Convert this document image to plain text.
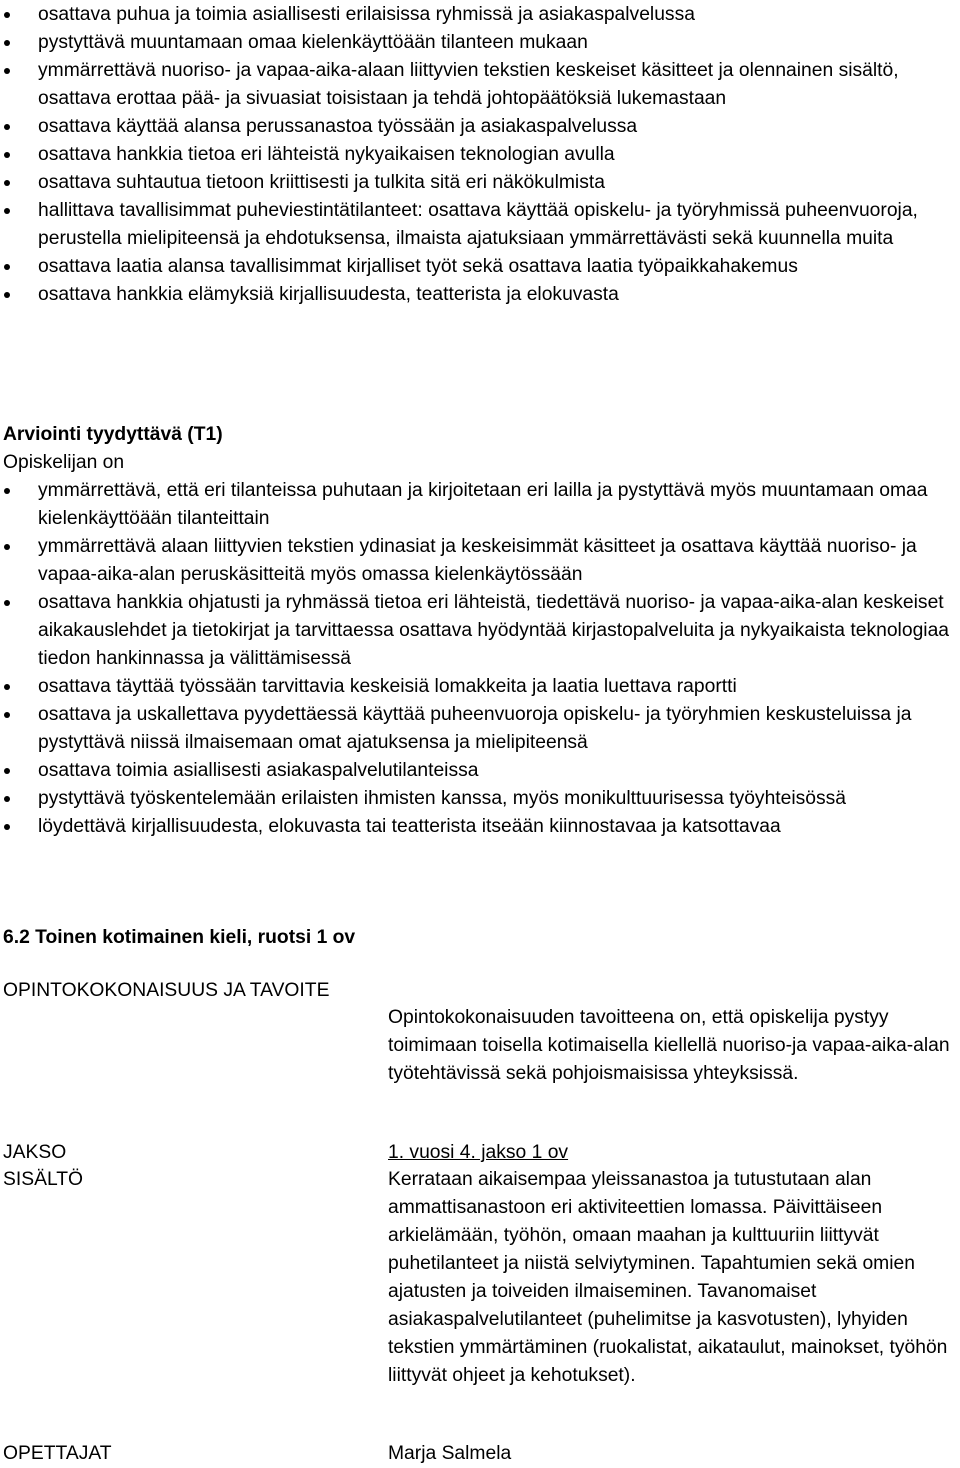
osattava puhua ja toimia asiallisesti erilaisissa ryhmissä ja asiakaspalvelussa
pystyttävä muuntamaan omaa kielenkäyttöään tilanteen mukaan
ymmärrettävä nuoriso- ja vapaa-aika-alaan liittyvien tekstien keskeiset käsitteet ja olennainen sisältö, osattava erottaa pää- ja sivuasiat toisistaan ja tehdä johtopäätöksiä lukemastaan
osattava käyttää alansa perussanastoa työssään ja asiakaspalvelussa
osattava hankkia tietoa eri lähteistä nykyaikaisen teknologian avulla
osattava suhtautua tietoon kriittisesti ja tulkita sitä eri näkökulmista
hallittava tavallisimmat puheviestintätilanteet: osattava käyttää opiskelu- ja työryhmissä puheenvuoroja, perustella mielipiteensä ja ehdotuksensa, ilmaista ajatuksiaan ymmärrettävästi sekä kuunnella muita
osattava laatia alansa tavallisimmat kirjalliset työt sekä osattava laatia työpaikkahakemus
osattava hankkia elämyksiä kirjallisuudesta, teatterista ja elokuvasta
Arviointi tyydyttävä (T1)
Opiskelijan on
ymmärrettävä, että eri tilanteissa puhutaan ja kirjoitetaan eri lailla ja pystyttävä myös muuntamaan omaa kielenkäyttöään tilanteittain
ymmärrettävä alaan liittyvien tekstien ydinasiat ja keskeisimmät käsitteet ja osattava käyttää nuoriso- ja vapaa-aika-alan peruskäsitteitä myös omassa kielenkäytössään
osattava hankkia ohjatusti ja ryhmässä tietoa eri lähteistä, tiedettävä nuoriso- ja vapaa-aika-alan keskeiset aikakauslehdet ja tietokirjat ja tarvittaessa osattava hyödyntää kirjastopalveluita ja nykyaikaista teknologiaa tiedon hankinnassa ja välittämisessä
osattava täyttää työssään tarvittavia keskeisiä lomakkeita ja laatia luettava raportti
osattava ja uskallettava pyydettäessä käyttää puheenvuoroja opiskelu- ja työryhmien keskusteluissa ja pystyttävä niissä ilmaisemaan omat ajatuksensa ja mielipiteensä
osattava toimia asiallisesti asiakaspalvelutilanteissa
pystyttävä työskentelemään erilaisten ihmisten kanssa, myös monikulttuurisessa työyhteisössä
löydettävä kirjallisuudesta, elokuvasta tai teatterista itseään kiinnostavaa ja katsottavaa
6.2 Toinen kotimainen kieli, ruotsi 1 ov
OPINTOKOKONAISUUS JA TAVOITE
Opintokokonaisuuden tavoitteena on, että opiskelija pystyy toimimaan toisella kotimaisella kiellellä nuoriso-ja vapaa-aika-alan työtehtävissä sekä pohjoismaisissa yhteyksissä.
JAKSO	1. vuosi 4. jakso 1 ov
SISÄLTÖ	Kerrataan aikaisempaa yleissanastoa ja tutustutaan alan ammattisanastoon eri aktiviteettien lomassa. Päivittäiseen arkielämään, työhön, omaan maahan ja kulttuuriin liittyvät puhetilanteet ja niistä selviytyminen. Tapahtumien sekä omien ajatusten ja toiveiden ilmaiseminen. Tavanomaiset asiakaspalvelutilanteet (puhelimitse ja kasvotusten), lyhyiden tekstien ymmärtäminen (ruokalistat, aikataulut, mainokset, työhön liittyvät ohjeet ja kehotukset).
OPETTAJAT	Marja Salmela
